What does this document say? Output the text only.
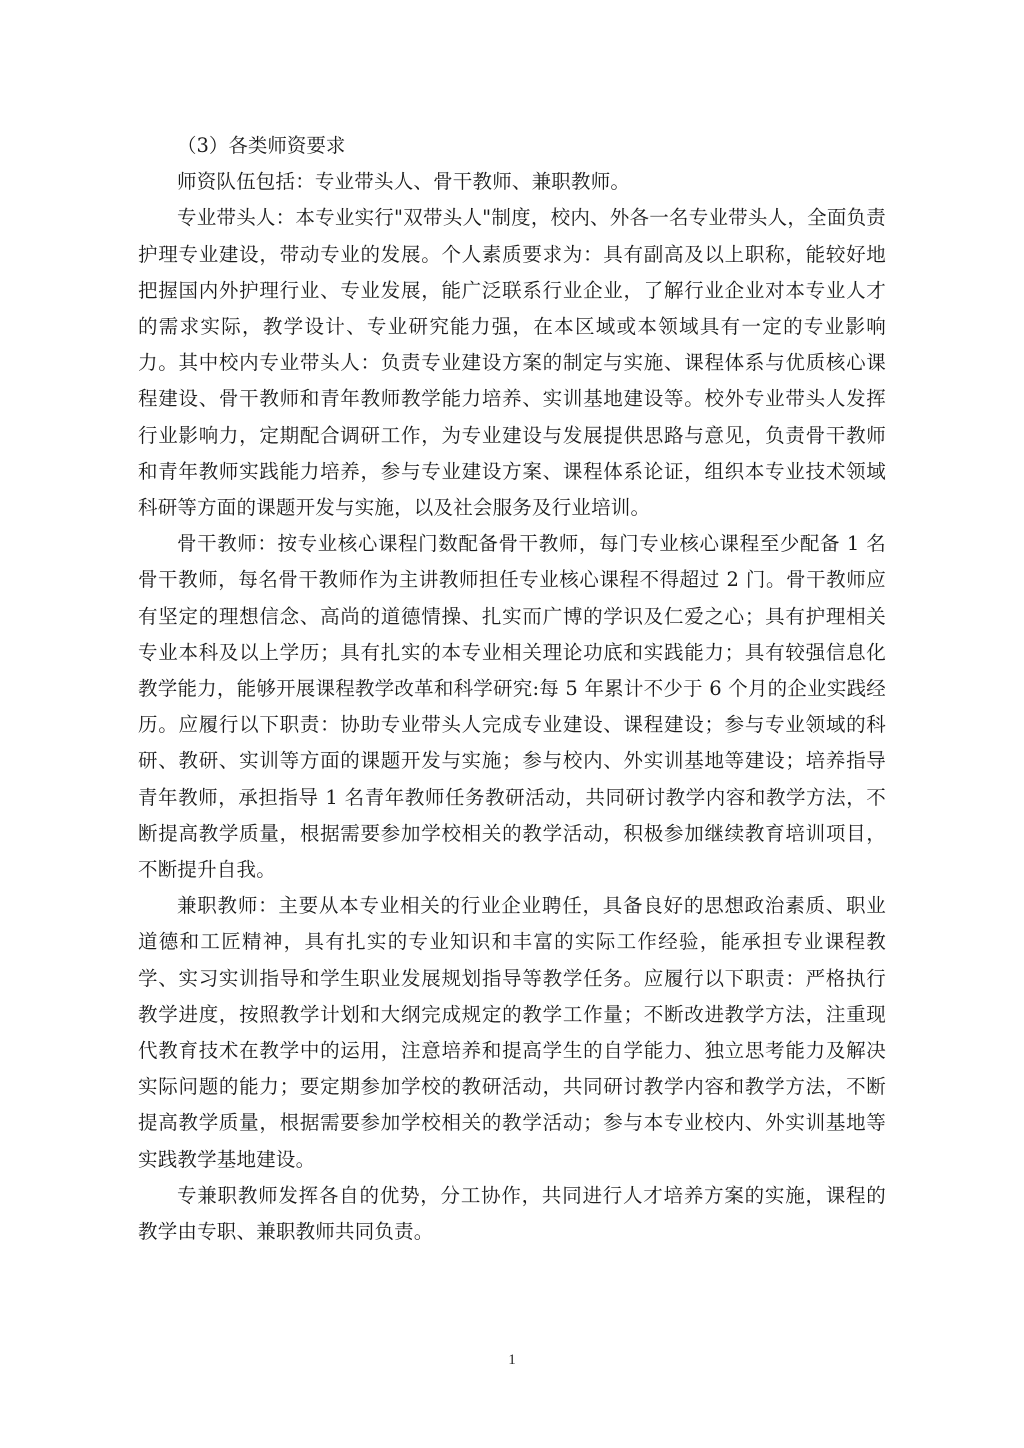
（3）各类师资要求

师资队伍包括：专业带头人、骨干教师、兼职教师。

专业带头人：本专业实行"双带头人"制度，校内、外各一名专业带头人，全面负责护理专业建设，带动专业的发展。个人素质要求为：具有副高及以上职称，能较好地把握国内外护理行业、专业发展，能广泛联系行业企业，了解行业企业对本专业人才的需求实际，教学设计、专业研究能力强，在本区域或本领域具有一定的专业影响力。其中校内专业带头人：负责专业建设方案的制定与实施、课程体系与优质核心课程建设、骨干教师和青年教师教学能力培养、实训基地建设等。校外专业带头人发挥行业影响力，定期配合调研工作，为专业建设与发展提供思路与意见，负责骨干教师和青年教师实践能力培养，参与专业建设方案、课程体系论证，组织本专业技术领域科研等方面的课题开发与实施，以及社会服务及行业培训。

骨干教师：按专业核心课程门数配备骨干教师，每门专业核心课程至少配备 1 名骨干教师，每名骨干教师作为主讲教师担任专业核心课程不得超过 2 门。骨干教师应有坚定的理想信念、高尚的道德情操、扎实而广博的学识及仁爱之心；具有护理相关专业本科及以上学历；具有扎实的本专业相关理论功底和实践能力；具有较强信息化教学能力，能够开展课程教学改革和科学研究:每 5 年累计不少于 6 个月的企业实践经历。应履行以下职责：协助专业带头人完成专业建设、课程建设；参与专业领域的科研、教研、实训等方面的课题开发与实施；参与校内、外实训基地等建设；培养指导青年教师，承担指导 1 名青年教师任务教研活动，共同研讨教学内容和教学方法，不断提高教学质量，根据需要参加学校相关的教学活动，积极参加继续教育培训项目，不断提升自我。

兼职教师：主要从本专业相关的行业企业聘任，具备良好的思想政治素质、职业道德和工匠精神，具有扎实的专业知识和丰富的实际工作经验，能承担专业课程教学、实习实训指导和学生职业发展规划指导等教学任务。应履行以下职责：严格执行教学进度，按照教学计划和大纲完成规定的教学工作量；不断改进教学方法，注重现代教育技术在教学中的运用，注意培养和提高学生的自学能力、独立思考能力及解决实际问题的能力；要定期参加学校的教研活动，共同研讨教学内容和教学方法，不断提高教学质量，根据需要参加学校相关的教学活动；参与本专业校内、外实训基地等实践教学基地建设。

专兼职教师发挥各自的优势，分工协作，共同进行人才培养方案的实施，课程的教学由专职、兼职教师共同负责。

1
